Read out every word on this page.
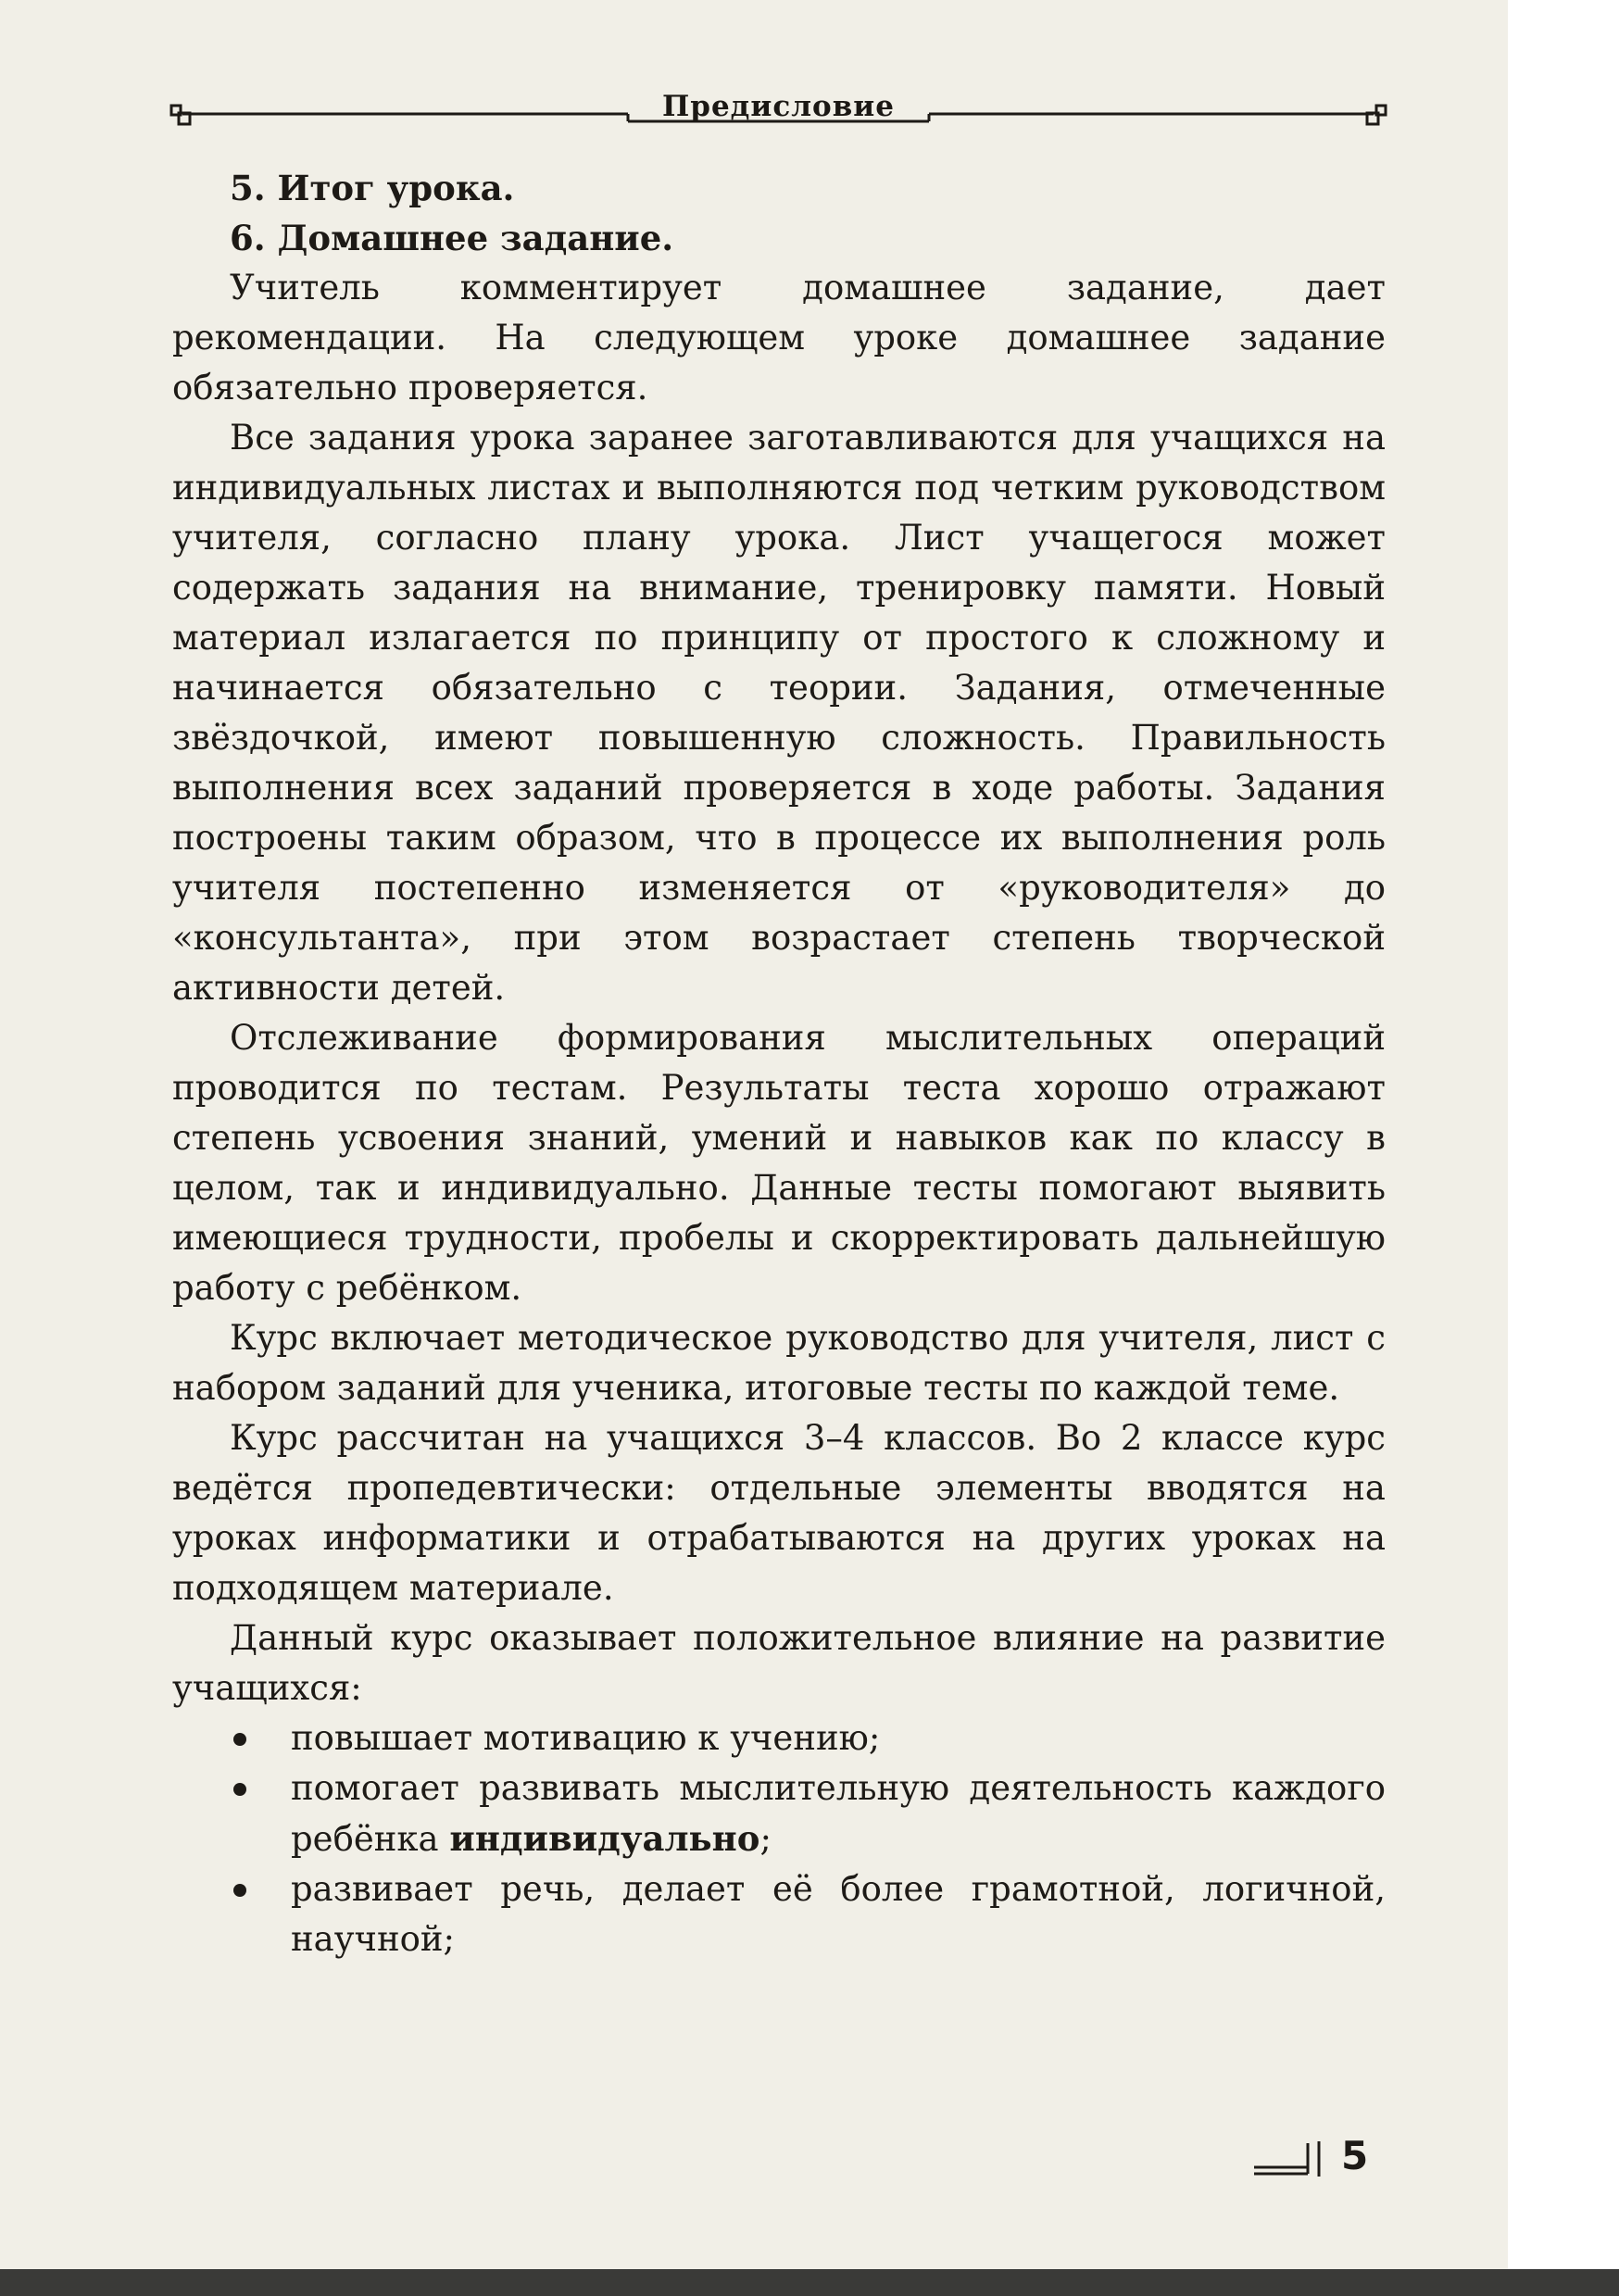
Предисловие

5. Итог урока.

6. Домашнее задание.

Учитель комментирует домашнее задание, дает рекомендации. На следующем уроке домашнее задание обязательно проверяется.

Все задания урока заранее заготавливаются для учащихся на индивидуальных листах и выполняются под четким руководством учителя, согласно плану урока. Лист учащегося может содержать задания на внимание, тренировку памяти. Новый материал излагается по принципу от простого к сложному и начинается обязательно с теории. Задания, отмеченные звёздочкой, имеют повышенную сложность. Правильность выполнения всех заданий проверяется в ходе работы. Задания построены таким образом, что в процессе их выполнения роль учителя постепенно изменяется от «руководителя» до «консультанта», при этом возрастает степень творческой активности детей.

Отслеживание формирования мыслительных операций проводится по тестам. Результаты теста хорошо отражают степень усвоения знаний, умений и навыков как по классу в целом, так и индивидуально. Данные тесты помогают выявить имеющиеся трудности, пробелы и скорректировать дальнейшую работу с ребёнком.

Курс включает методическое руководство для учителя, лист с набором заданий для ученика, итоговые тесты по каждой теме.

Курс рассчитан на учащихся 3–4 классов. Во 2 классе курс ведётся пропедевтически: отдельные элементы вводятся на уроках информатики и отрабатываются на других уроках на подходящем материале.

Данный курс оказывает положительное влияние на развитие учащихся:

повышает мотивацию к учению;
помогает развивать мыслительную деятельность каждого ребёнка индивидуально;
развивает речь, делает её более грамотной, логичной, научной;
5
